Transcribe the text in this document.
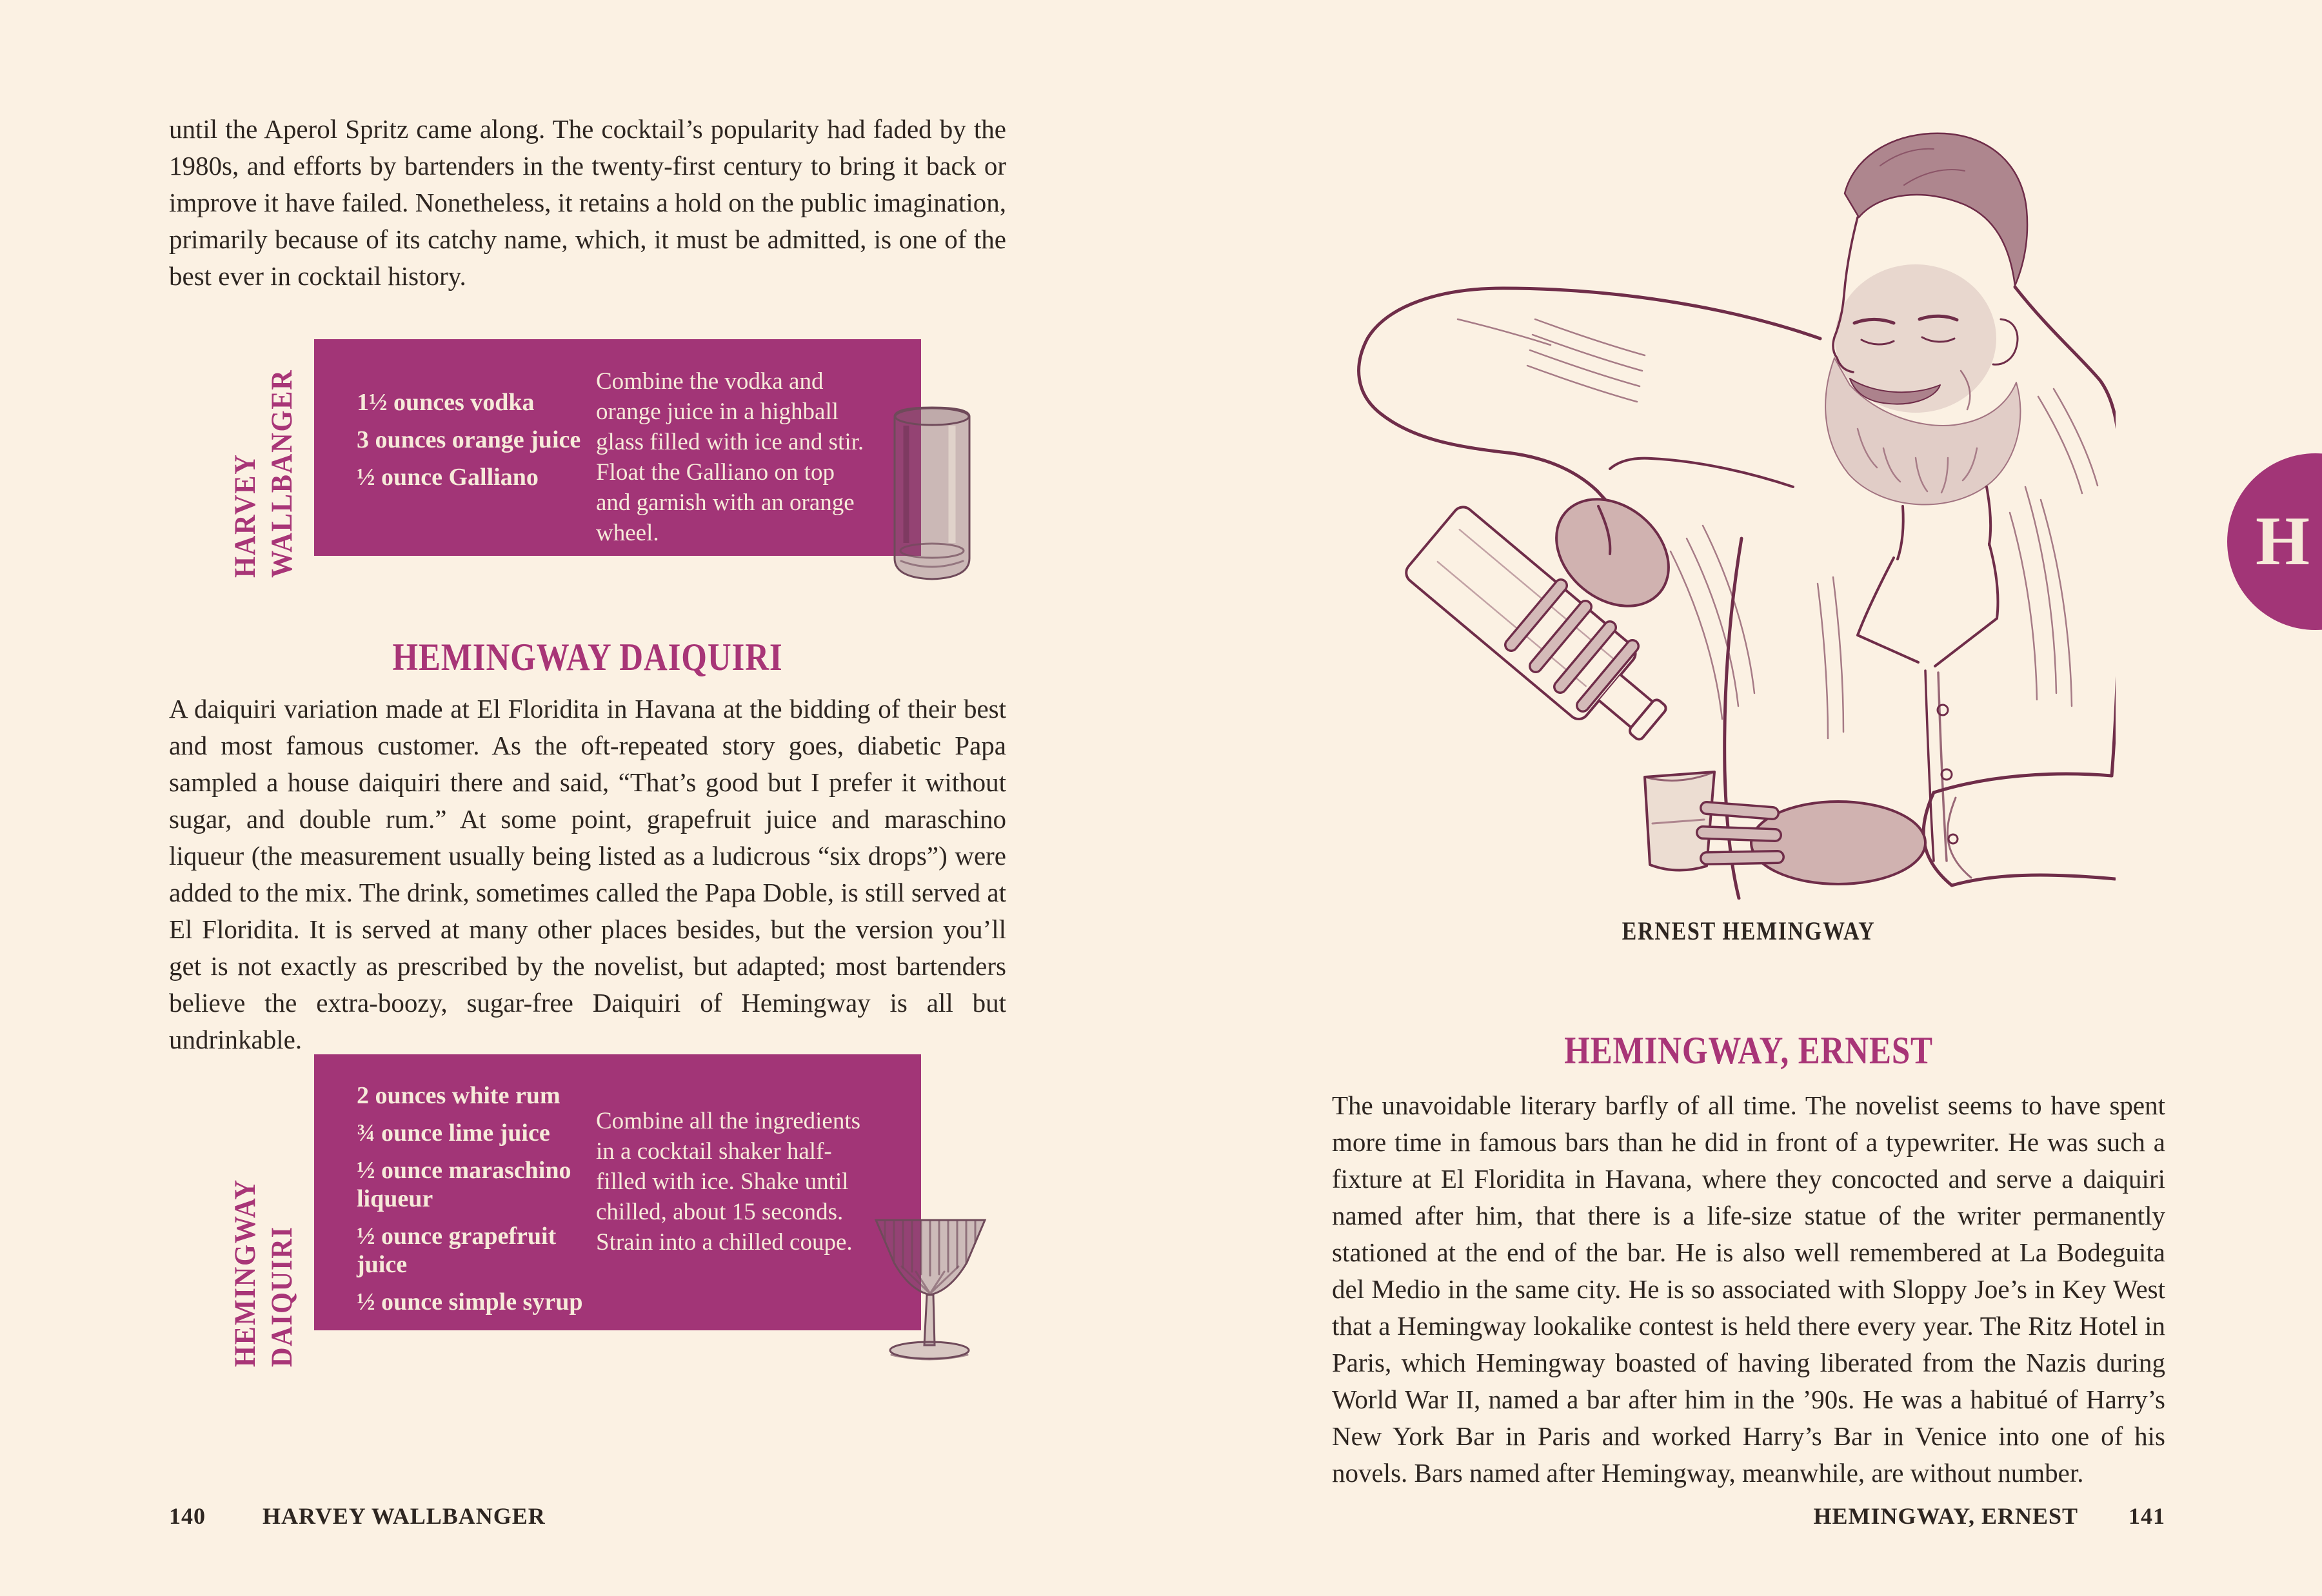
until the Aperol Spritz came along. The cocktail’s popularity had faded by the 1980s, and efforts by bartenders in the twenty-first century to bring it back or improve it have failed. Nonetheless, it retains a hold on the public imagination, primarily because of its catchy name, which, it must be admitted, is one of the best ever in cocktail history.

1½ ounces vodka

3 ounces orange juice

½ ounce Galliano

Combine the vodka and orange juice in a highball glass filled with ice and stir. Float the Galliano on top and garnish with an orange wheel.
HARVEY WALLBANGER
HEMINGWAY DAIQUIRI

A daiquiri variation made at El Floridita in Havana at the bidding of their best and most famous customer. As the oft-repeated story goes, diabetic Papa sampled a house daiquiri there and said, “That’s good but I prefer it without sugar, and double rum.” At some point, grapefruit juice and maraschino liqueur (the measurement usually being listed as a ludicrous “six drops”) were added to the mix. The drink, sometimes called the Papa Doble, is still served at El Floridita. It is served at many other places besides, but the version you’ll get is not exactly as prescribed by the novelist, but adapted; most bartenders believe the extra-boozy, sugar-free Daiquiri of Hemingway is all but undrinkable.

2 ounces white rum

¾ ounce lime juice

½ ounce maraschino liqueur

½ ounce grapefruit juice

½ ounce simple syrup

Combine all the ingredients in a cocktail shaker half-filled with ice. Shake until chilled, about 15 seconds. Strain into a chilled coupe.
HEMINGWAY DAIQUIRI
140 HARVEY WALLBANGER
ERNEST HEMINGWAY
HEMINGWAY, ERNEST

The unavoidable literary barfly of all time. The novelist seems to have spent more time in famous bars than he did in front of a typewriter. He was such a fixture at El Floridita in Havana, where they concocted and serve a daiquiri named after him, that there is a life-size statue of the writer permanently stationed at the end of the bar. He is also well remembered at La Bodeguita del Medio in the same city. He is so associated with Sloppy Joe’s in Key West that a Hemingway lookalike contest is held there every year. The Ritz Hotel in Paris, which Hemingway boasted of having liberated from the Nazis during World War II, named a bar after him in the ’90s. He was a habitué of Harry’s New York Bar in Paris and worked Harry’s Bar in Venice into one of his novels. Bars named after Hemingway, meanwhile, are without number.

HEMINGWAY, ERNEST 141
H
